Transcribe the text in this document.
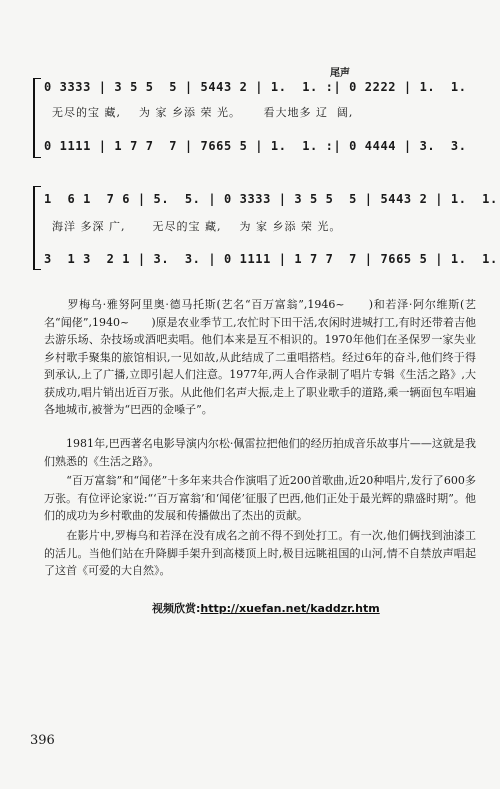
尾声
0 3333 | 3 5 5  5 | 5443 2 | 1.  1. :| 0 2222 | 1.  1.
无尽的宝 藏,    为 家 乡添 荣 光。     看大地多 辽  阔,
0 1111 | 1 7 7  7 | 7665 5 | 1.  1. :| 0 4444 | 3.  3.
1  6 1  7 6 | 5.  5. | 0 3333 | 3 5 5  5 | 5443 2 | 1.  1.
海洋 多深 广,      无尽的宝 藏,    为 家 乡添 荣 光。
3  1 3  2 1 | 3.  3. | 0 1111 | 1 7 7  7 | 7665 5 | 1.  1.
　　罗梅乌·雅努阿里奥·德马托斯(艺名“百万富翁”,1946~　　)和若泽·阿尔维斯(艺名“闻佬”,1940~　　)原是农业季节工,农忙时下田干活,农闲时进城打工,有时还带着吉他去游乐场、杂技场或酒吧卖唱。他们本来是互不相识的。1970年他们在圣保罗一家失业乡村歌手聚集的旅馆相识,一见如故,从此结成了二重唱搭档。经过6年的奋斗,他们终于得到承认,上了广播,立即引起人们注意。1977年,两人合作录制了唱片专辑《生活之路》,大获成功,唱片销出近百万张。从此他们名声大振,走上了职业歌手的道路,乘一辆面包车唱遍各地城市,被誉为“巴西的金嗓子”。
　　1981年,巴西著名电影导演内尔松·佩雷拉把他们的经历拍成音乐故事片——这就是我们熟悉的《生活之路》。
　　“百万富翁”和“闻佬”十多年来共合作演唱了近200首歌曲,近20种唱片,发行了600多万张。有位评论家说:“‘百万富翁’和‘闻佬’征服了巴西,他们正处于最光辉的鼎盛时期”。他们的成功为乡村歌曲的发展和传播做出了杰出的贡献。
　　在影片中,罗梅乌和若泽在没有成名之前不得不到处打工。有一次,他们俩找到油漆工的活儿。当他们站在升降脚手架升到高楼顶上时,极目远眺祖国的山河,情不自禁放声唱起了这首《可爱的大自然》。
视频欣赏:http://xuefan.net/kaddzr.htm
396
